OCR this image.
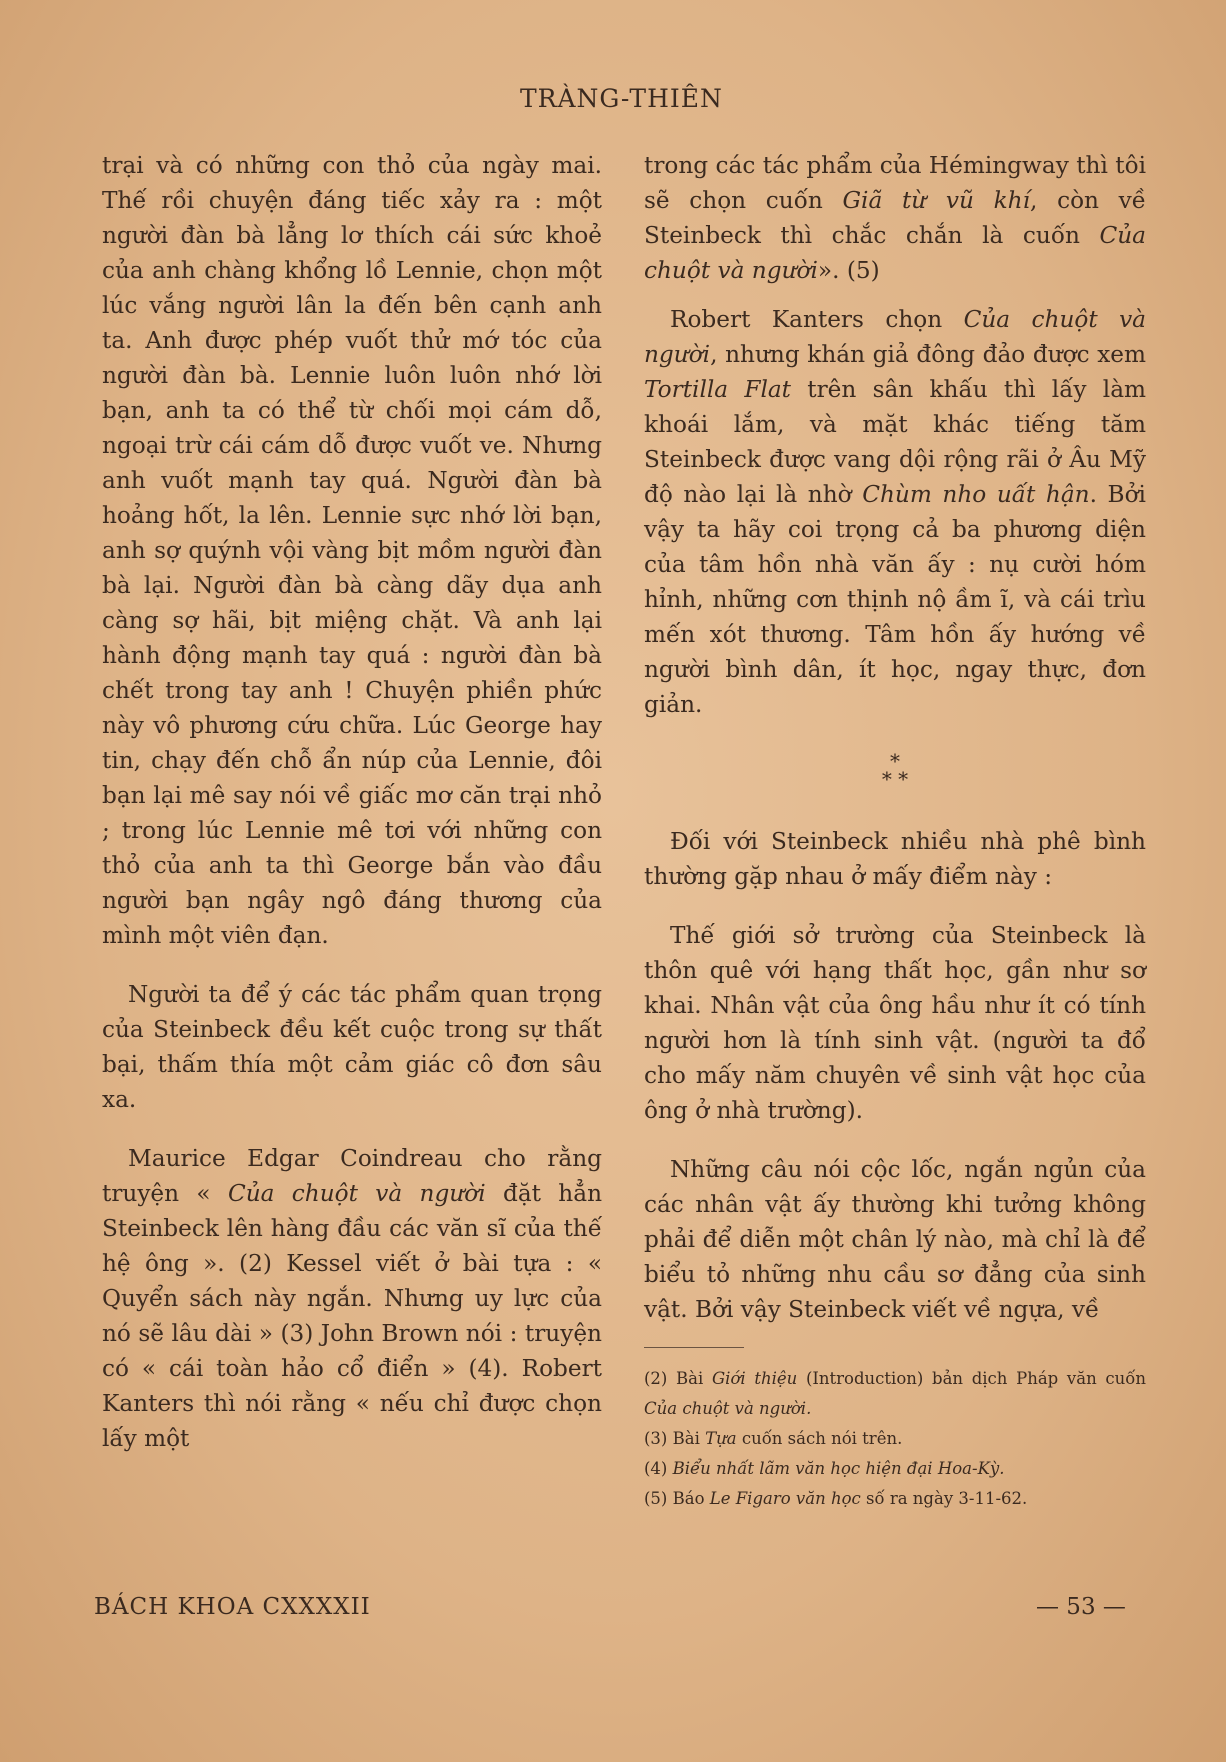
TRÀNG-THIÊN

trại và có những con thỏ của ngày mai. Thế rồi chuyện đáng tiếc xảy ra : một người đàn bà lẳng lơ thích cái sức khoẻ của anh chàng khổng lồ Lennie, chọn một lúc vắng người lân la đến bên cạnh anh ta. Anh được phép vuốt thử mớ tóc của người đàn bà. Lennie luôn luôn nhớ lời bạn, anh ta có thể từ chối mọi cám dỗ, ngoại trừ cái cám dỗ được vuốt ve. Nhưng anh vuốt mạnh tay quá. Người đàn bà hoảng hốt, la lên. Lennie sực nhớ lời bạn, anh sợ quýnh vội vàng bịt mồm người đàn bà lại. Người đàn bà càng dãy dụa anh càng sợ hãi, bịt miệng chặt. Và anh lại hành động mạnh tay quá : người đàn bà chết trong tay anh ! Chuyện phiền phức này vô phương cứu chữa. Lúc George hay tin, chạy đến chỗ ẩn núp của Lennie, đôi bạn lại mê say nói về giấc mơ căn trại nhỏ ; trong lúc Lennie mê tơi với những con thỏ của anh ta thì George bắn vào đầu người bạn ngây ngô đáng thương của mình một viên đạn.

Người ta để ý các tác phẩm quan trọng của Steinbeck đều kết cuộc trong sự thất bại, thấm thía một cảm giác cô đơn sâu xa.

Maurice Edgar Coindreau cho rằng truyện « Của chuột và người đặt hẳn Steinbeck lên hàng đầu các văn sĩ của thế hệ ông ». (2) Kessel viết ở bài tựa : « Quyển sách này ngắn. Nhưng uy lực của nó sẽ lâu dài » (3) John Brown nói : truyện có « cái toàn hảo cổ điển » (4). Robert Kanters thì nói rằng « nếu chỉ được chọn lấy một

trong các tác phẩm của Hémingway thì tôi sẽ chọn cuốn Giã từ vũ khí, còn về Steinbeck thì chắc chắn là cuốn Của chuột và người». (5)

Robert Kanters chọn Của chuột và người, nhưng khán giả đông đảo được xem Tortilla Flat trên sân khấu thì lấy làm khoái lắm, và mặt khác tiếng tăm Steinbeck được vang dội rộng rãi ở Âu Mỹ độ nào lại là nhờ Chùm nho uất hận. Bởi vậy ta hãy coi trọng cả ba phương diện của tâm hồn nhà văn ấy : nụ cười hóm hỉnh, những cơn thịnh nộ ầm ĩ, và cái trìu mến xót thương. Tâm hồn ấy hướng về người bình dân, ít học, ngay thực, đơn giản.

*
* *

Đối với Steinbeck nhiều nhà phê bình thường gặp nhau ở mấy điểm này :

Thế giới sở trường của Steinbeck là thôn quê với hạng thất học, gần như sơ khai. Nhân vật của ông hầu như ít có tính người hơn là tính sinh vật. (người ta đổ cho mấy năm chuyên về sinh vật học của ông ở nhà trường).

Những câu nói cộc lốc, ngắn ngủn của các nhân vật ấy thường khi tưởng không phải để diễn một chân lý nào, mà chỉ là để biểu tỏ những nhu cầu sơ đẳng của sinh vật. Bởi vậy Steinbeck viết về ngựa, về

(2) Bài Giới thiệu (Introduction) bản dịch Pháp văn cuốn Của chuột và người.

(3) Bài Tựa cuốn sách nói trên.

(4) Biểu nhất lãm văn học hiện đại Hoa-Kỳ.

(5) Báo Le Figaro văn học số ra ngày 3-11-62.

BÁCH KHOA CXXXXII	— 53 —
